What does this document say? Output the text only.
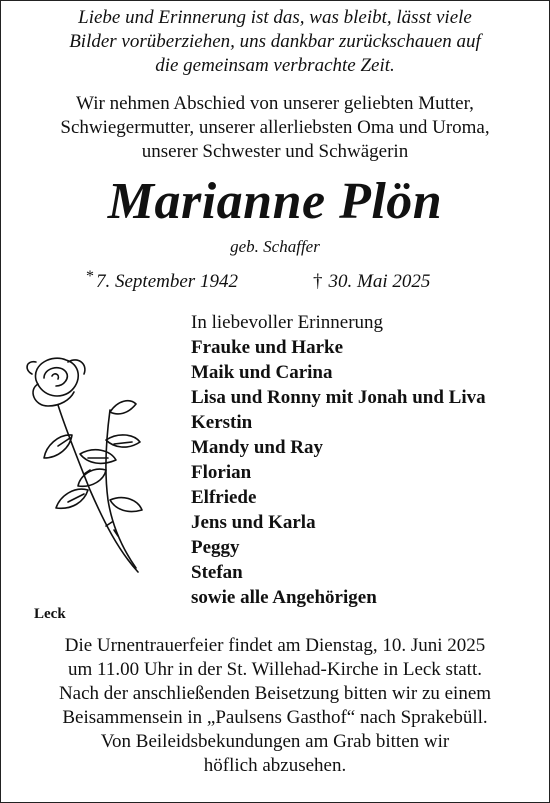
Liebe und Erinnerung ist das, was bleibt, lässt viele
Bilder vorüberziehen, uns dankbar zurückschauen auf
die gemeinsam verbrachte Zeit.
Wir nehmen Abschied von unserer geliebten Mutter,
Schwiegermutter, unserer allerliebsten Oma und Uroma,
unserer Schwester und Schwägerin
Marianne Plön
geb. Schaffer
* 7. September 1942	† 30. Mai 2025
In liebevoller Erinnerung
Frauke und Harke
Maik und Carina
Lisa und Ronny mit Jonah und Liva
Kerstin
Mandy und Ray
Florian
Elfriede
Jens und Karla
Peggy
Stefan
sowie alle Angehörigen
Leck
Die Urnentrauerfeier findet am Dienstag, 10. Juni 2025
um 11.00 Uhr in der St. Willehad-Kirche in Leck statt.
Nach der anschließenden Beisetzung bitten wir zu einem
Beisammensein in „Paulsens Gasthof“ nach Sprakebüll.
Von Beileidsbekundungen am Grab bitten wir
höflich abzusehen.
